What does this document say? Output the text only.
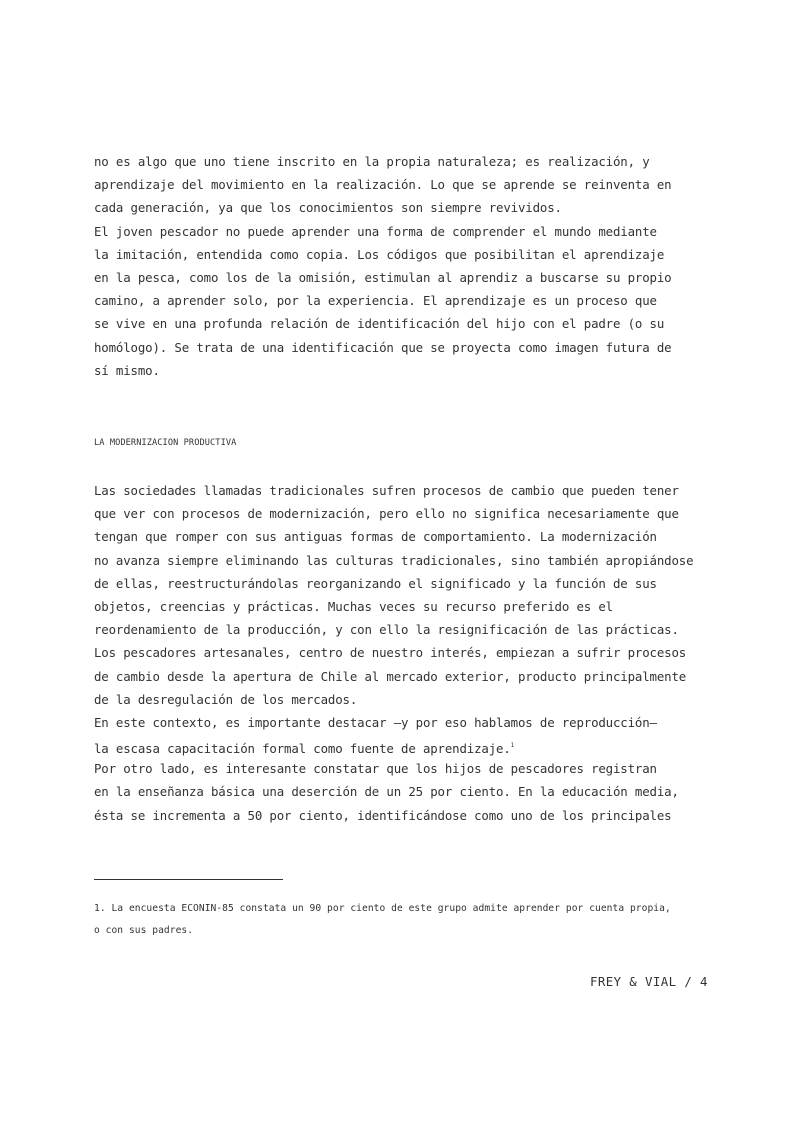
no es algo que uno tiene inscrito en la propia naturaleza; es realización, y
aprendizaje del movimiento en la realización. Lo que se aprende se reinventa en
cada generación, ya que los conocimientos son siempre revividos.
El joven pescador no puede aprender una forma de comprender el mundo mediante
la imitación, entendida como copia. Los códigos que posibilitan el aprendizaje
en la pesca, como los de la omisión, estimulan al aprendiz a buscarse su propio
camino, a aprender solo, por la experiencia. El aprendizaje es un proceso que
se vive en una profunda relación de identificación del hijo con el padre (o su
homólogo). Se trata de una identificación que se proyecta como imagen futura de
sí mismo.
LA MODERNIZACION PRODUCTIVA
Las sociedades llamadas tradicionales sufren procesos de cambio que pueden tener
que ver con procesos de modernización, pero ello no significa necesariamente que
tengan que romper con sus antiguas formas de comportamiento. La modernización
no avanza siempre eliminando las culturas tradicionales, sino también apropiándose
de ellas, reestructurándolas reorganizando el significado y la función de sus
objetos, creencias y prácticas. Muchas veces su recurso preferido es el
reordenamiento de la producción, y con ello la resignificación de las prácticas.
Los pescadores artesanales, centro de nuestro interés, empiezan a sufrir procesos
de cambio desde la apertura de Chile al mercado exterior, producto principalmente
de la desregulación de los mercados.
En este contexto, es importante destacar —y por eso hablamos de reproducción—
la escasa capacitación formal como fuente de aprendizaje.$^1$
Por otro lado, es interesante constatar que los hijos de pescadores registran
en la enseñanza básica una deserción de un 25 por ciento. En la educación media,
ésta se incrementa a 50 por ciento, identificándose como uno de los principales
1. La encuesta ECONIN-85 constata un 90 por ciento de este grupo admite aprender por cuenta propia,
o con sus padres.
FREY & VIAL / 4
